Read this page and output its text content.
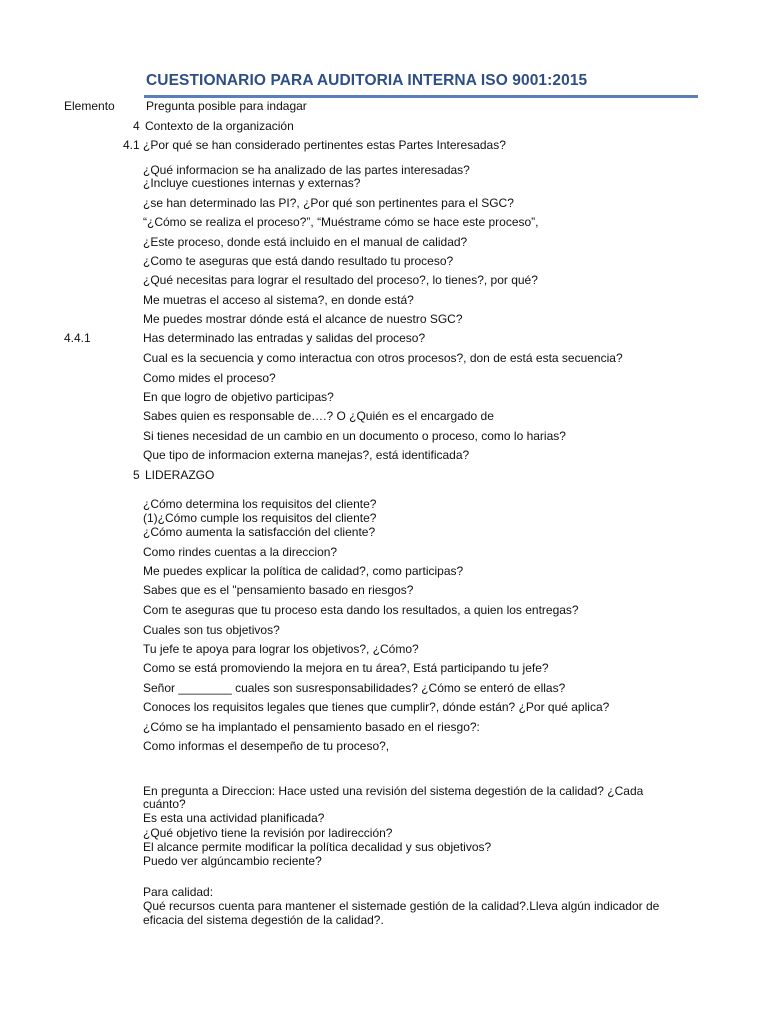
CUESTIONARIO PARA AUDITORIA INTERNA ISO 9001:2015
Elemento	Pregunta posible para indagar
4 Contexto de la organización
4.1 ¿Por qué se han considerado pertinentes estas Partes Interesadas?
¿Qué informacion se ha analizado de las partes interesadas?
¿Incluye cuestiones internas y externas?
¿se han determinado las PI?, ¿Por qué son pertinentes para el SGC?
“¿Cómo se realiza el proceso?”, “Muéstrame cómo se hace este proceso”,
¿Este proceso, donde está incluido en el manual de calidad?
¿Como te aseguras que está dando resultado tu proceso?
¿Qué necesitas para lograr el resultado del proceso?, lo tienes?, por qué?
Me muetras el acceso al sistema?, en donde está?
Me puedes mostrar dónde está el alcance de nuestro SGC?
4.4.1	Has determinado las entradas y salidas del proceso?
Cual es la secuencia y como interactua con otros procesos?, don de está esta secuencia?
Como mides el proceso?
En que logro de objetivo participas?
Sabes quien es responsable de….? O ¿Quién es el encargado de
Si tienes necesidad de un cambio en un documento o proceso, como lo harias?
Que tipo de informacion externa manejas?, está identificada?
5 LIDERAZGO
¿Cómo determina los requisitos del cliente?
(1)¿Cómo cumple los requisitos del cliente?
¿Cómo aumenta la satisfacción del cliente?
Como rindes cuentas a la direccion?
Me puedes explicar la política de calidad?, como participas?
Sabes que es el "pensamiento basado en riesgos?
Com te aseguras que tu proceso esta dando los resultados, a quien los entregas?
Cuales son tus objetivos?
Tu jefe te apoya para lograr los objetivos?, ¿Cómo?
Como se está promoviendo la mejora en tu área?, Está participando tu jefe?
Señor ________ cuales son susresponsabilidades? ¿Cómo se enteró de ellas?
Conoces los requisitos legales que tienes que cumplir?, dónde están? ¿Por qué aplica?
¿Cómo se ha implantado el pensamiento basado en el riesgo?:
Como informas el desempeño de tu proceso?,
En pregunta a Direccion: Hace usted una revisión del sistema degestión de la calidad? ¿Cada
cuánto?
Es esta una actividad planificada?
¿Qué objetivo tiene la revisión por ladirección?
El alcance permite modificar la política decalidad y sus objetivos?
Puedo ver algúncambio reciente?
Para calidad:
Qué recursos cuenta para mantener el sistemade gestión de la calidad?.Lleva algún indicador de
eficacia del sistema degestión de la calidad?.
